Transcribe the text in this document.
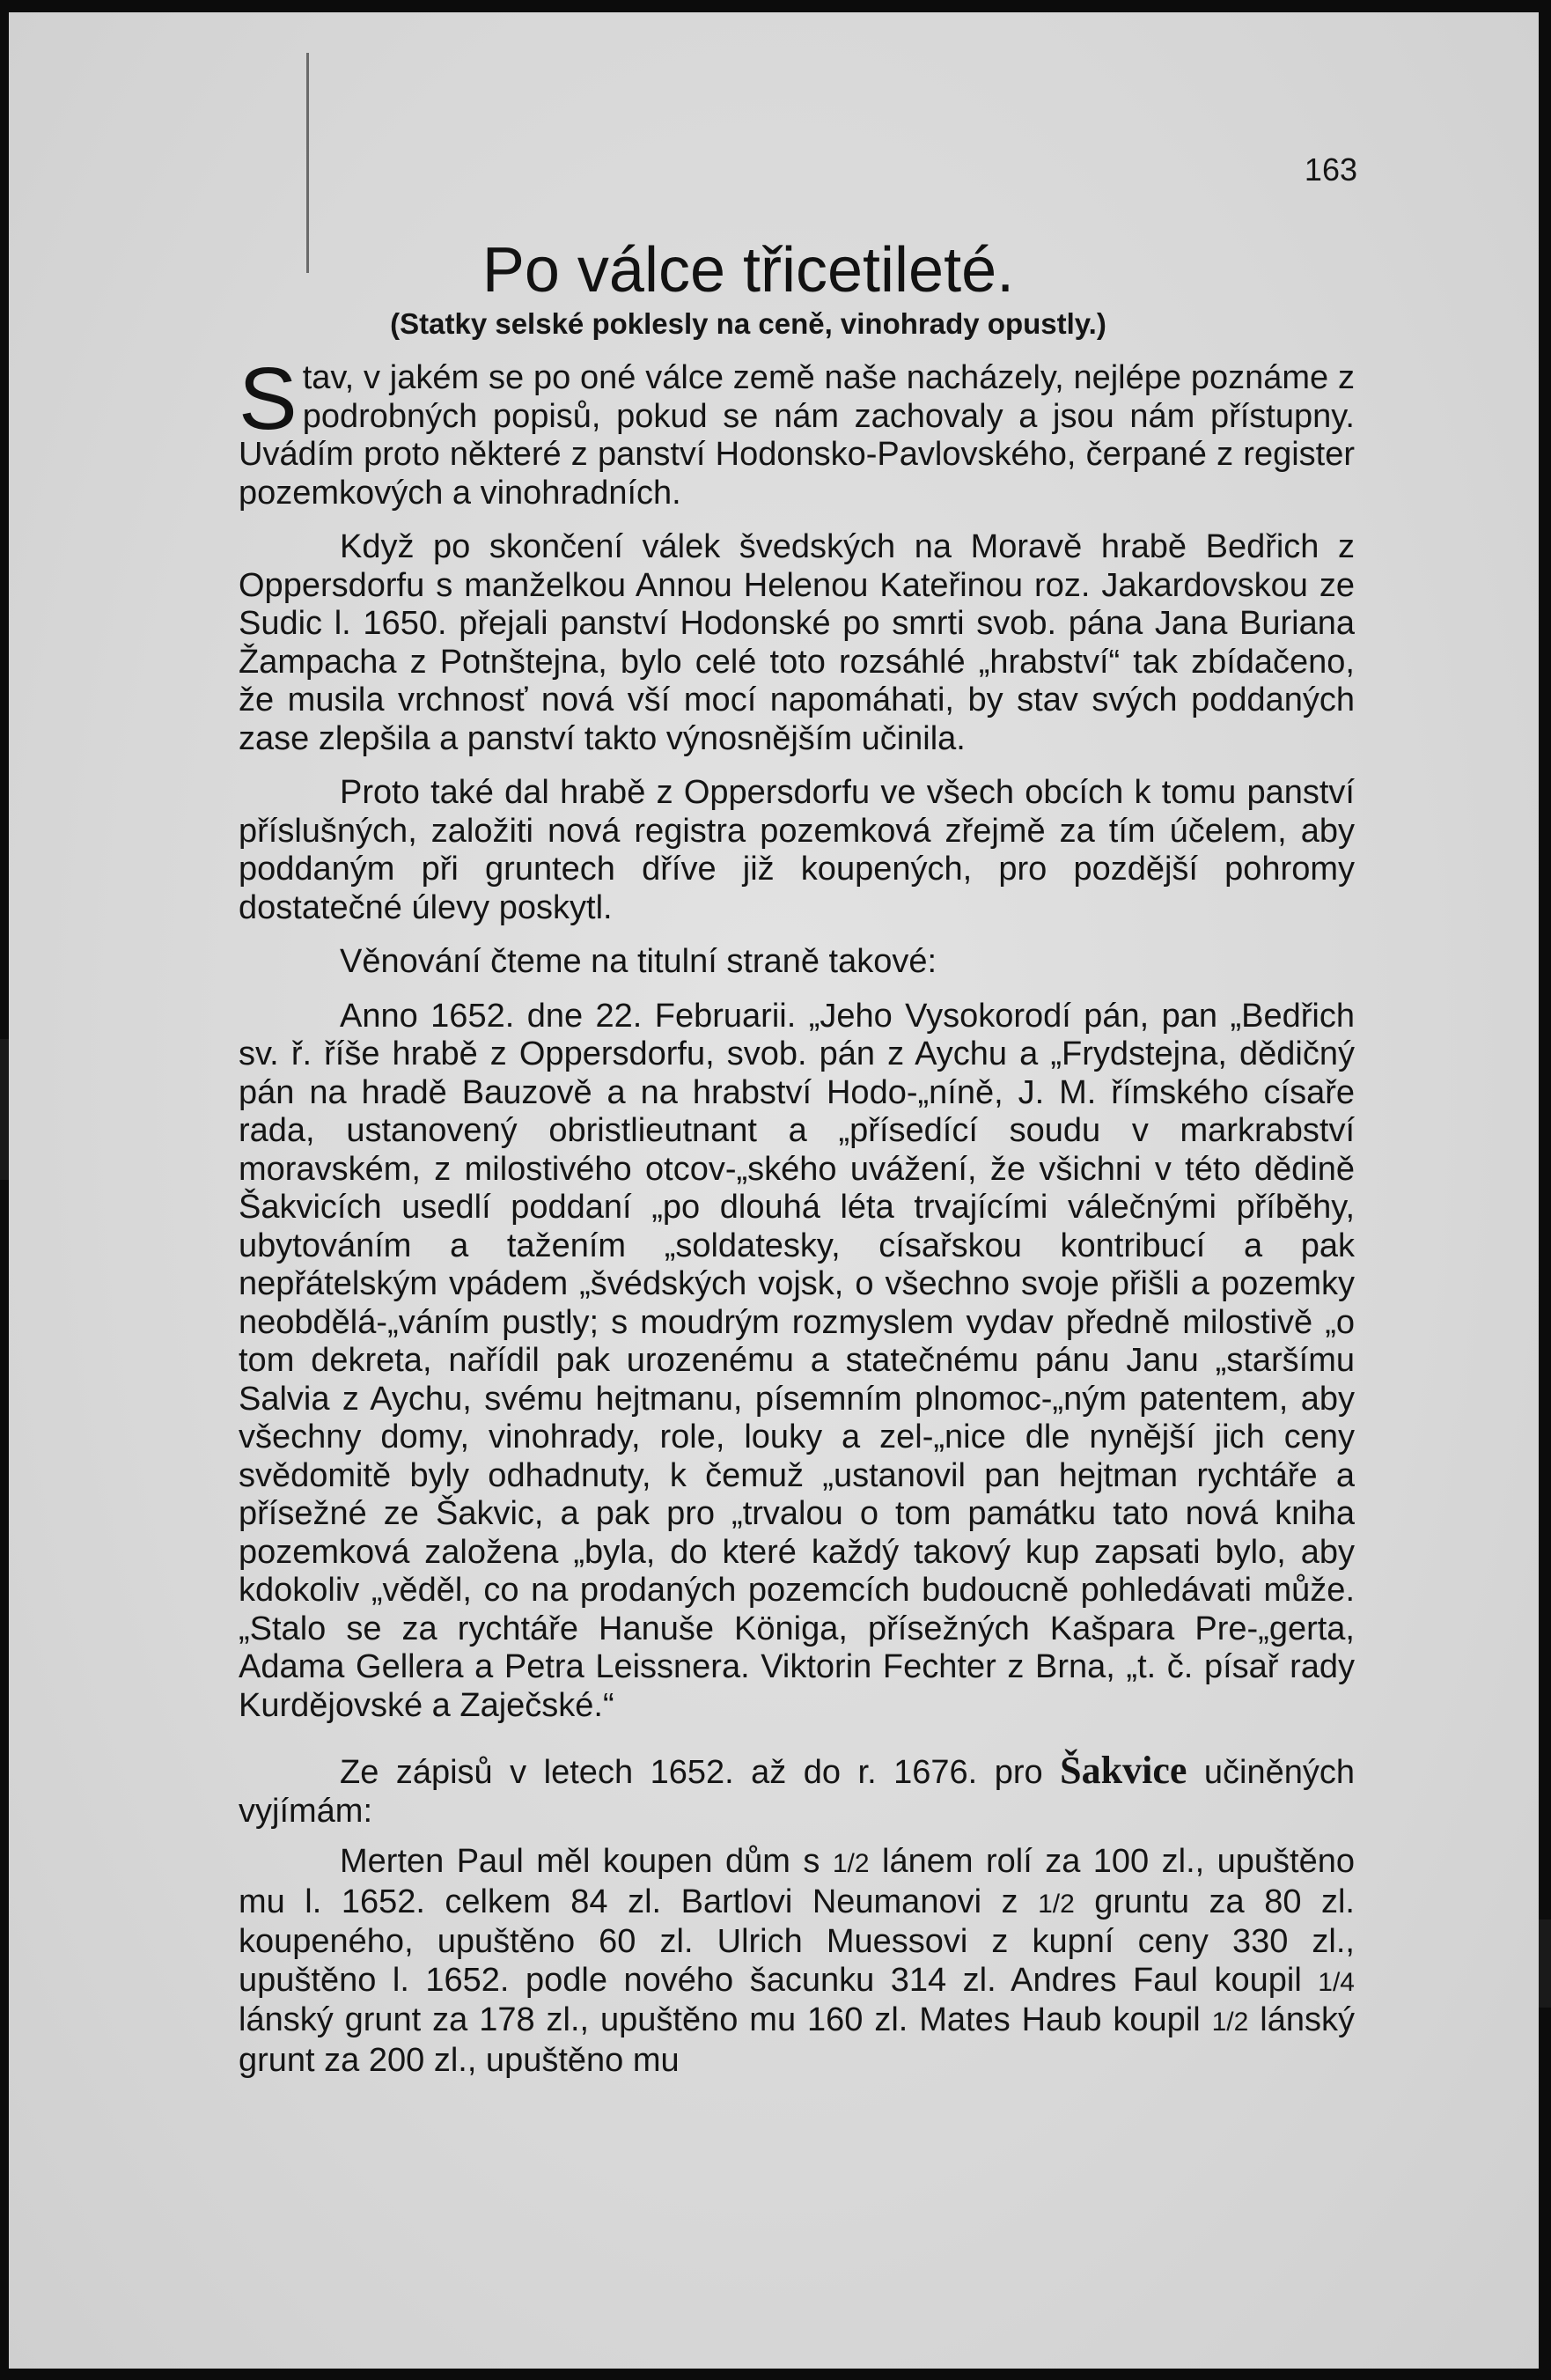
163
Po válce třicetileté.
(Statky selské poklesly na ceně, vinohrady opustly.)

Stav, v jakém se po oné válce země naše nacházely, nejlépe poznáme z podrobných popisů, pokud se nám zachovaly a jsou nám přístupny. Uvádím proto některé z panství Hodonsko-Pavlovského, čerpané z register pozemkových a vinohradních.

Když po skončení válek švedských na Moravě hrabě Bedřich z Oppersdorfu s manželkou Annou Helenou Kateřinou roz. Jakardovskou ze Sudic l. 1650. přejali panství Hodonské po smrti svob. pána Jana Buriana Žampacha z Potnštejna, bylo celé toto rozsáhlé „hrabství“ tak zbídačeno, že musila vrchnosť nová vší mocí napomáhati, by stav svých poddaných zase zlepšila a panství takto výnosnějším učinila.

Proto také dal hrabě z Oppersdorfu ve všech obcích k tomu panství příslušných, založiti nová registra pozemková zřejmě za tím účelem, aby poddaným při gruntech dříve již koupených, pro pozdější pohromy dostatečné úlevy poskytl.

Věnování čteme na titulní straně takové:

Anno 1652. dne 22. Februarii. „Jeho Vysokorodí pán, pan „Bedřich sv. ř. říše hrabě z Oppersdorfu, svob. pán z Aychu a „Frydstejna, dědičný pán na hradě Bauzově a na hrabství Hodo-„níně, J. M. římského císaře rada, ustanovený obristlieutnant a „přísedící soudu v markrabství moravském, z milostivého otcov-„ského uvážení, že všichni v této dědině Šakvicích usedlí poddaní „po dlouhá léta trvajícími válečnými příběhy, ubytováním a tažením „soldatesky, císařskou kontribucí a pak nepřátelským vpádem „švédských vojsk, o všechno svoje přišli a pozemky neobdělá-„váním pustly; s moudrým rozmyslem vydav předně milostivě „o tom dekreta, nařídil pak urozenému a statečnému pánu Janu „staršímu Salvia z Aychu, svému hejtmanu, písemním plnomoc-„ným patentem, aby všechny domy, vinohrady, role, louky a zel-„nice dle nynější jich ceny svědomitě byly odhadnuty, k čemuž „ustanovil pan hejtman rychtáře a přísežné ze Šakvic, a pak pro „trvalou o tom památku tato nová kniha pozemková založena „byla, do které každý takový kup zapsati bylo, aby kdokoliv „věděl, co na prodaných pozemcích budoucně pohledávati může. „Stalo se za rychtáře Hanuše Königa, přísežných Kašpara Pre-„gerta, Adama Gellera a Petra Leissnera. Viktorin Fechter z Brna, „t. č. písař rady Kurdějovské a Zaječské.“

Ze zápisů v letech 1652. až do r. 1676. pro Šakvice učiněných vyjímám:

Merten Paul měl koupen dům s 1/2 lánem rolí za 100 zl., upuštěno mu l. 1652. celkem 84 zl. Bartlovi Neumanovi z 1/2 gruntu za 80 zl. koupeného, upuštěno 60 zl. Ulrich Muessovi z kupní ceny 330 zl., upuštěno l. 1652. podle nového šacunku 314 zl. Andres Faul koupil 1/4 lánský grunt za 178 zl., upuštěno mu 160 zl. Mates Haub koupil 1/2 lánský grunt za 200 zl., upuštěno mu
